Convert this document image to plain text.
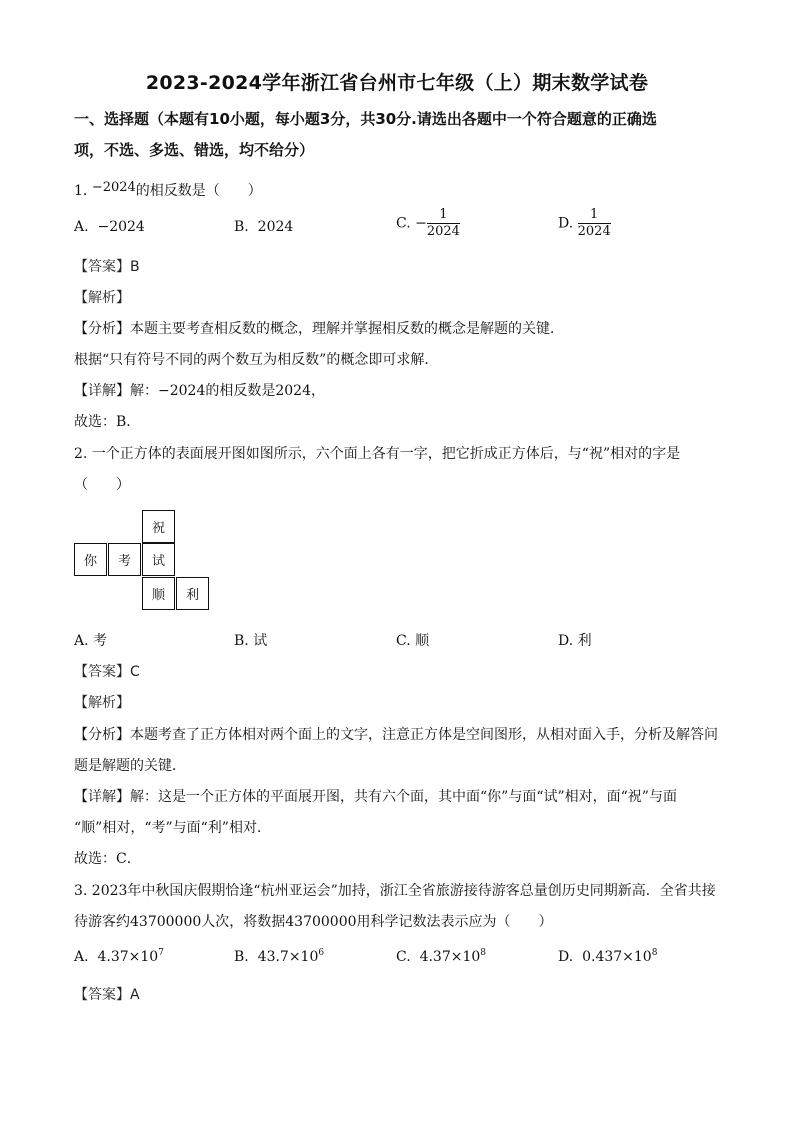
2023-2024学年浙江省台州市七年级（上）期末数学试卷
一、选择题（本题有10小题，每小题3分，共30分.请选出各题中一个符合题意的正确选
项，不选、多选、错选，均不给分）
1. −2024的相反数是（　　）
A. −2024	B. 2024	C. − $\frac{1}{2024}$	D. $\frac{1}{2024}$
【答案】B
【解析】
【分析】本题主要考查相反数的概念，理解并掌握相反数的概念是解题的关键．
根据“只有符号不同的两个数互为相反数”的概念即可求解．
【详解】解：−2024的相反数是2024，
故选：B．
2. 一个正方体的表面展开图如图所示，六个面上各有一字，把它折成正方体后，与“祝”相对的字是
（　　）
祝
你	考	试
顺	利
A. 考	B. 试	C. 顺	D. 利
【答案】C
【解析】
【分析】本题考查了正方体相对两个面上的文字，注意正方体是空间图形，从相对面入手，分析及解答问
题是解题的关键．
【详解】解：这是一个正方体的平面展开图，共有六个面，其中面“你”与面“试”相对，面“祝”与面
“顺”相对，“考”与面“利”相对．
故选：C．
3. 2023年中秋国庆假期恰逢“杭州亚运会”加持，浙江全省旅游接待游客总量创历史同期新高．全省共接
待游客约43700000人次，将数据43700000用科学记数法表示应为（　　）
A. $4.37\times 10^7$	B. $43.7\times 10^6$	C. $4.37\times 10^8$	D. $0.437\times 10^8$
【答案】A
